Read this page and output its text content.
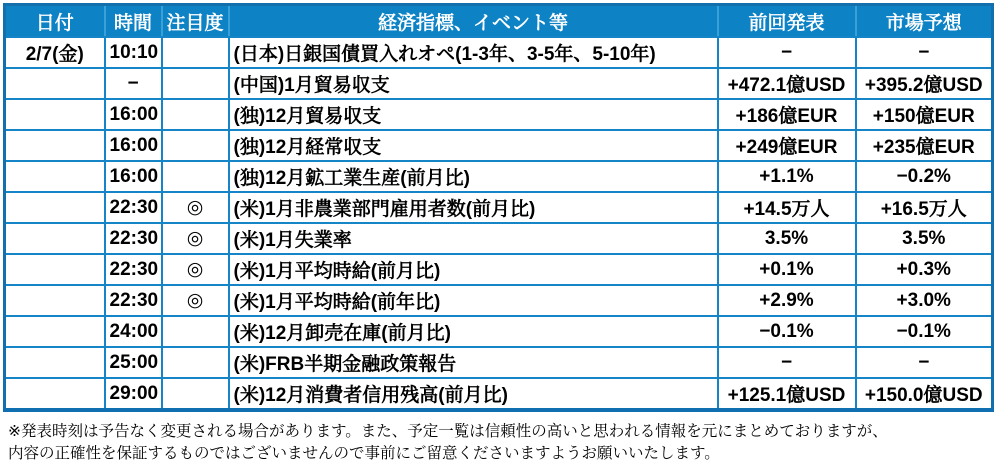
日付	時間	注目度	経済指標、イベント等	前回発表	市場予想
2/7(金)	10:10		(日本)日銀国債買入れオペ(1-3年、3-5年、5-10年)	−	−
	−		(中国)1月貿易収支	+472.1億USD	+395.2億USD
	16:00		(独)12月貿易収支	+186億EUR	+150億EUR
	16:00		(独)12月経常収支	+249億EUR	+235億EUR
	16:00		(独)12月鉱工業生産(前月比)	+1.1%	−0.2%
	22:30	◎	(米)1月非農業部門雇用者数(前月比)	+14.5万人	+16.5万人
	22:30	◎	(米)1月失業率	3.5%	3.5%
	22:30	◎	(米)1月平均時給(前月比)	+0.1%	+0.3%
	22:30	◎	(米)1月平均時給(前年比)	+2.9%	+3.0%
	24:00		(米)12月卸売在庫(前月比)	−0.1%	−0.1%
	25:00		(米)FRB半期金融政策報告	−	−
	29:00		(米)12月消費者信用残高(前月比)	+125.1億USD	+150.0億USD
※発表時刻は予告なく変更される場合があります。また、予定一覧は信頼性の高いと思われる情報を元にまとめておりますが、
内容の正確性を保証するものではございませんので事前にご留意くださいますようお願いいたします。
